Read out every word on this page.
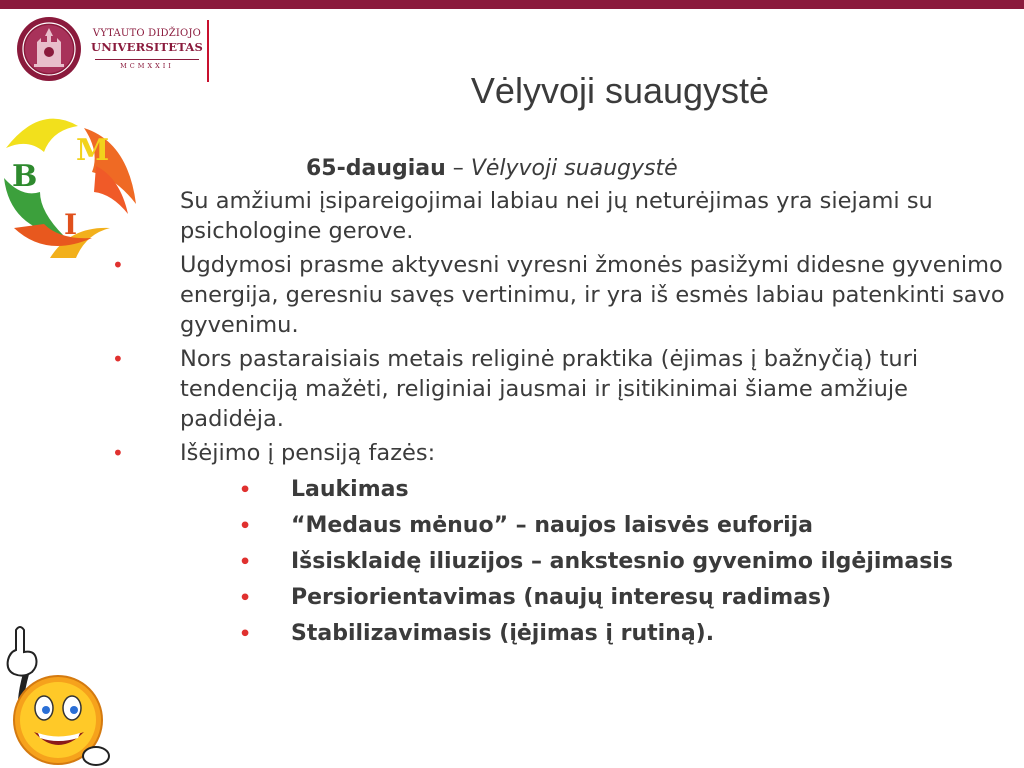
VYTAUTO DIDŽIOJO
UNIVERSITETAS
MCMXXII
Vėlyvoji suaugystė
B
M
I
65-daugiau – Vėlyvoji suaugystė
Su amžiumi įsipareigojimai labiau nei jų neturėjimas yra siejami su psichologine gerove.
• Ugdymosi prasme aktyvesni vyresni žmonės pasižymi didesne gyvenimo energija, geresniu savęs vertinimu, ir yra iš esmės labiau patenkinti savo gyvenimu.
• Nors pastaraisiais metais religinė praktika (ėjimas į bažnyčią) turi tendenciją mažėti, religiniai jausmai ir įsitikinimai šiame amžiuje padidėja.
• Išėjimo į pensiją fazės:
• Laukimas
• “Medaus mėnuo” – naujos laisvės euforija
• Išsisklaidę iliuzijos – ankstesnio gyvenimo ilgėjimasis
• Persiorientavimas (naujų interesų radimas)
• Stabilizavimasis (įėjimas į rutiną).
